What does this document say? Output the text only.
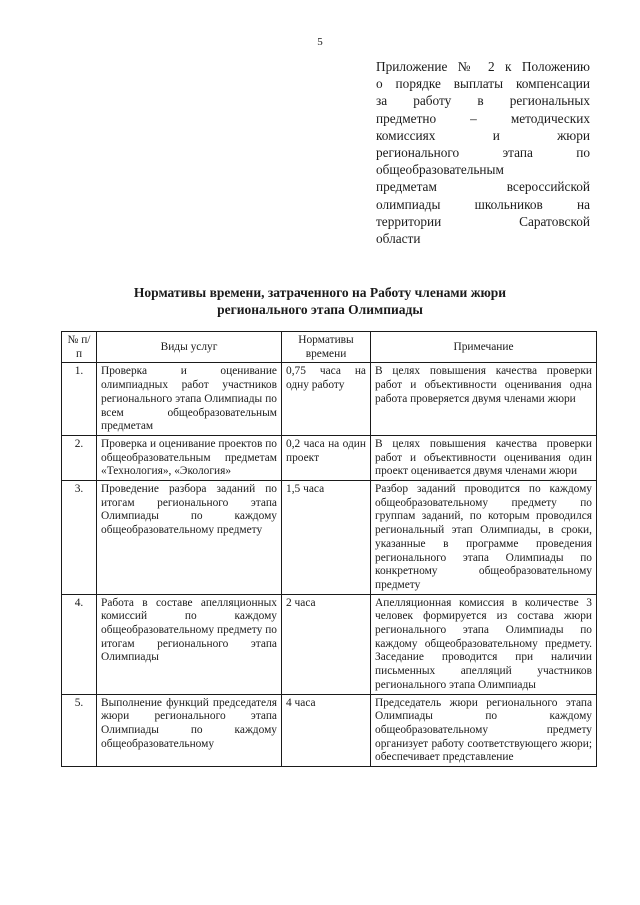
5
Приложение № 2 к Положению
о порядке выплаты компенсации
за работу в региональных
предметно – методических
комиссиях и жюри
регионального этапа по
общеобразовательным
предметам всероссийской
олимпиады школьников на
территории Саратовской
области
Нормативы времени, затраченного на Работу членами жюри
регионального этапа Олимпиады
№ п/п	Виды услуг	Нормативы времени	Примечание
1.	Проверка и оценивание олимпиадных работ участников регионального этапа Олимпиады по всем общеобразовательным предметам	0,75 часа на одну работу	В целях повышения качества проверки работ и объективности оценивания одна работа проверяется двумя членами жюри
2.	Проверка и оценивание проектов по общеобразовательным предметам «Технология», «Экология»	0,2 часа на один проект	В целях повышения качества проверки работ и объективности оценивания один проект оценивается двумя членами жюри
3.	Проведение разбора заданий по итогам регионального этапа Олимпиады по каждому общеобразовательному предмету	1,5 часа	Разбор заданий проводится по каждому общеобразовательному предмету по группам заданий, по которым проводился региональный этап Олимпиады, в сроки, указанные в программе проведения регионального этапа Олимпиады по конкретному общеобразовательному предмету
4.	Работа в составе апелляционных комиссий по каждому общеобразовательному предмету по итогам регионального этапа Олимпиады	2 часа	Апелляционная комиссия в количестве 3 человек формируется из состава жюри регионального этапа Олимпиады по каждому общеобразовательному предмету. Заседание проводится при наличии письменных апелляций участников регионального этапа Олимпиады
5.	Выполнение функций председателя жюри регионального этапа Олимпиады по каждому общеобразовательному	4 часа	Председатель жюри регионального этапа Олимпиады по каждому общеобразовательному предмету организует работу соответствующего жюри; обеспечивает представление
